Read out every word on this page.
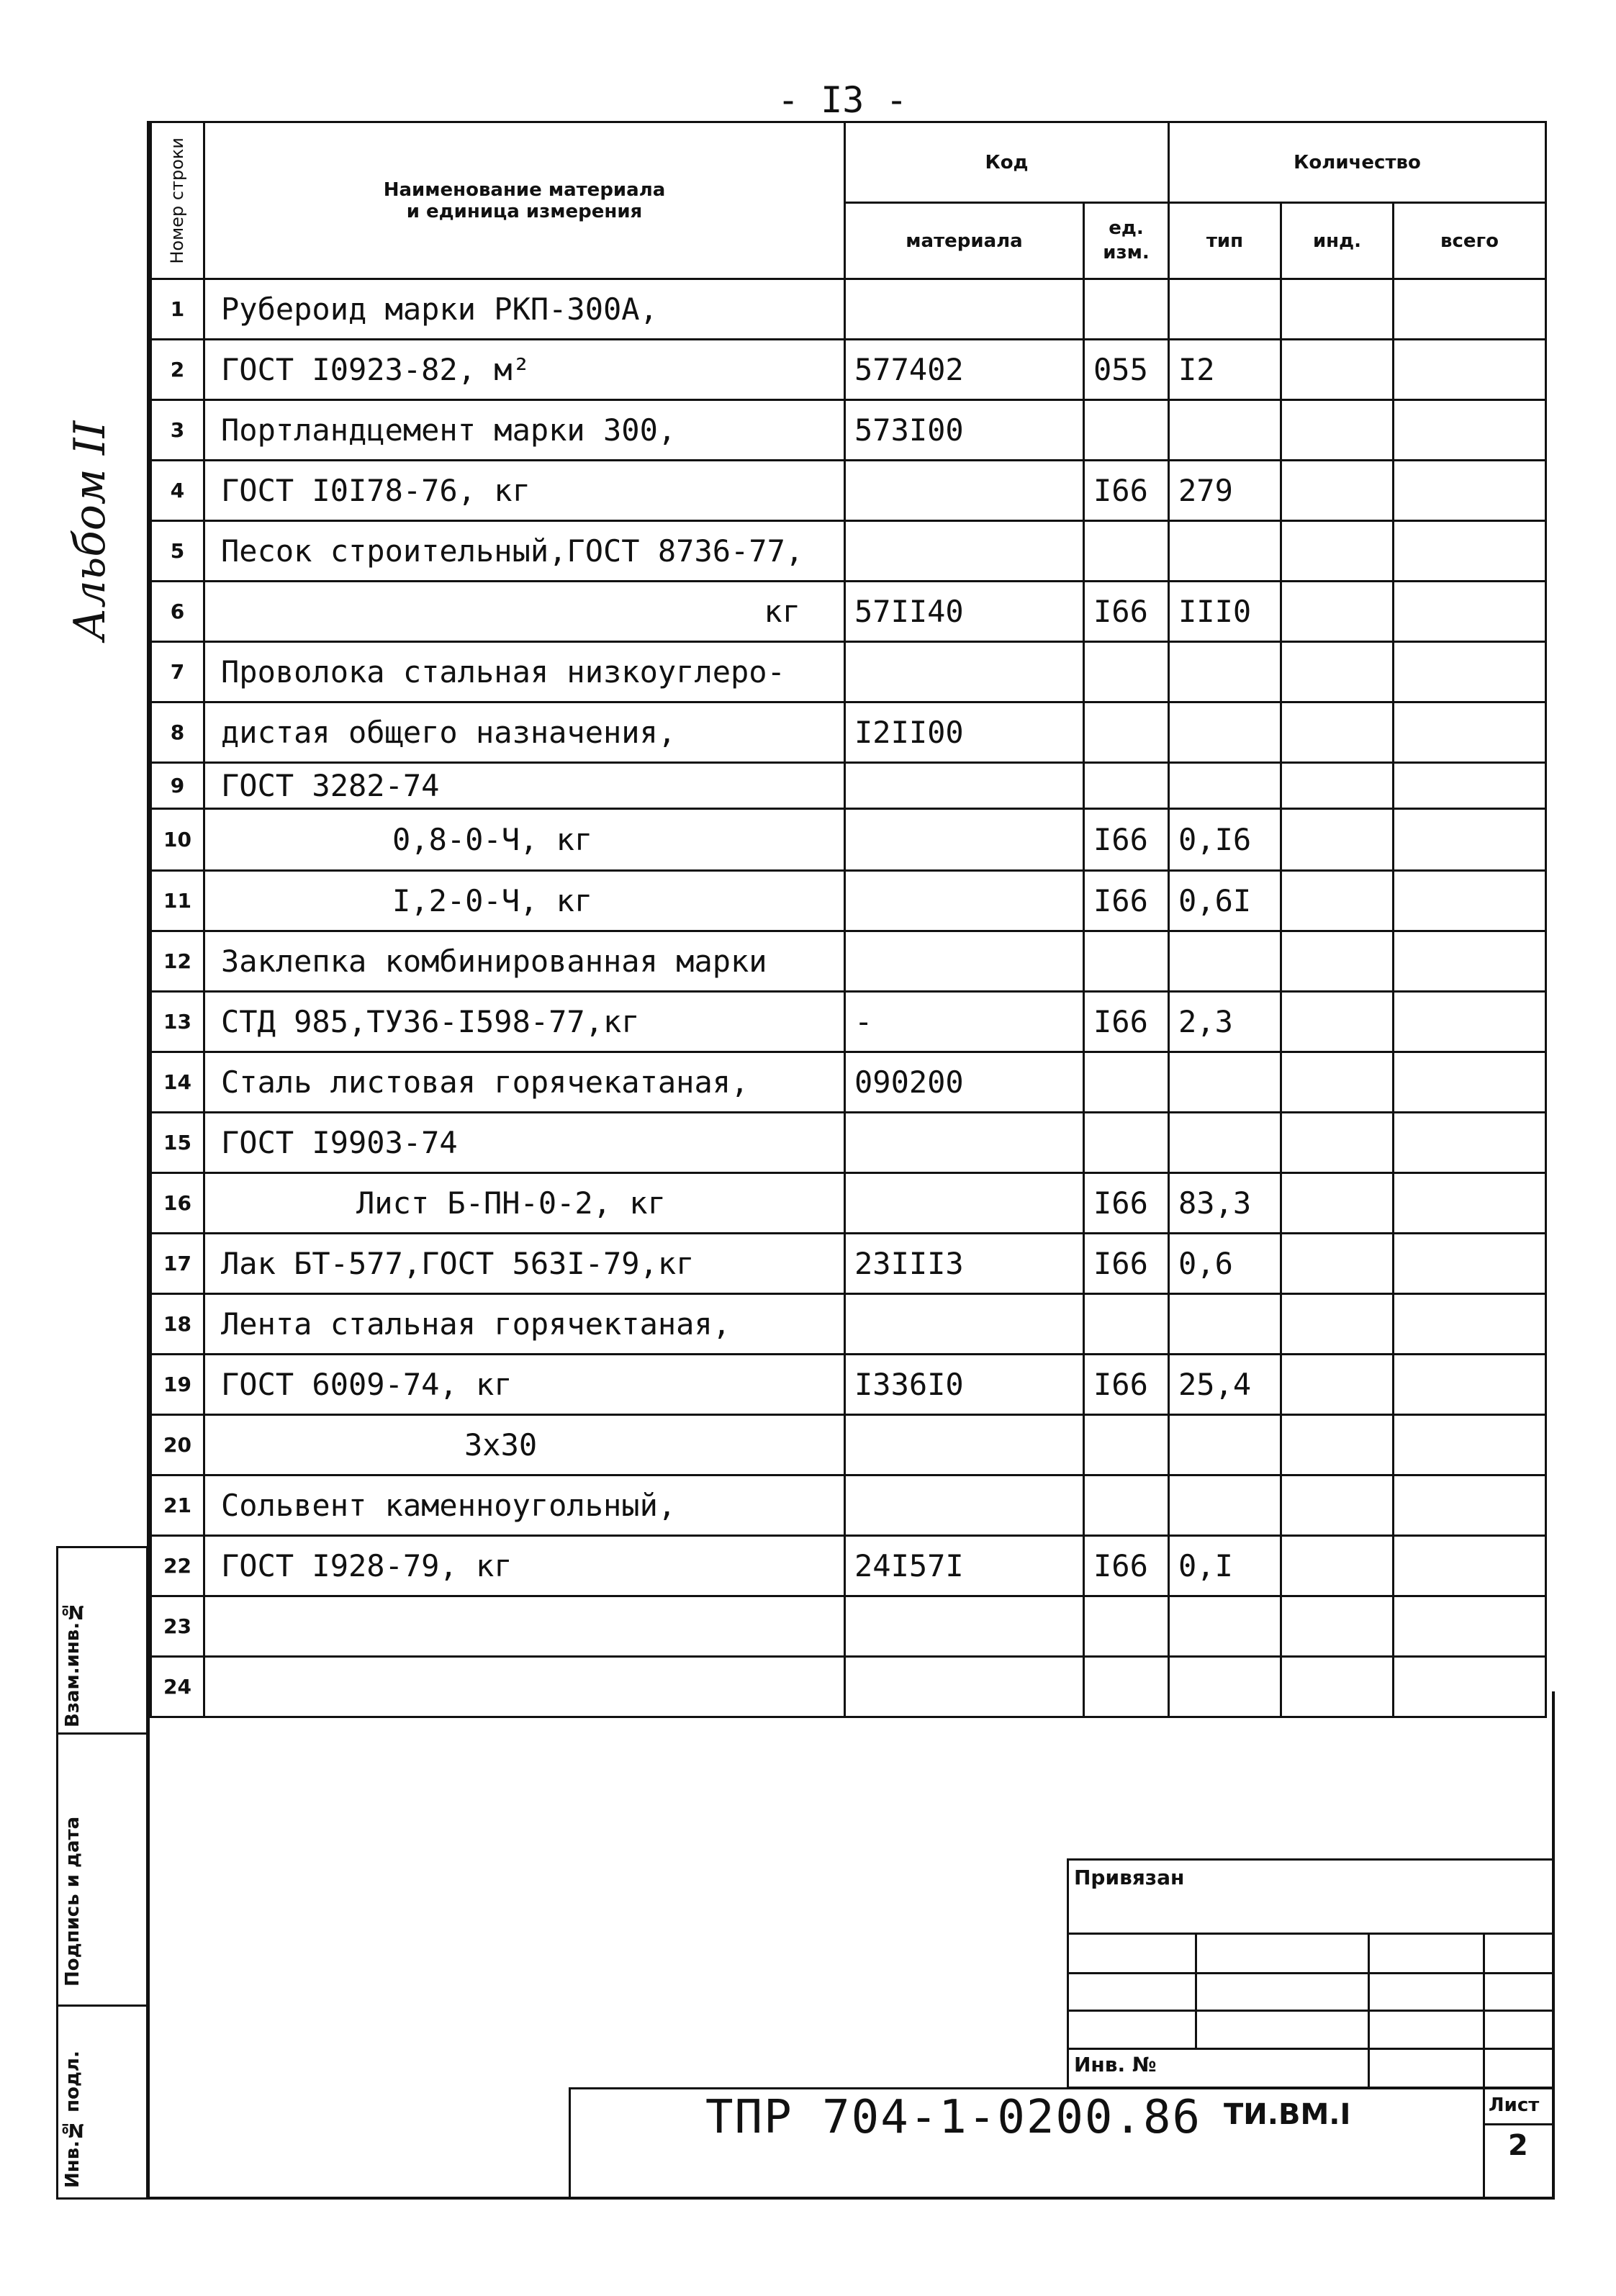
- I3 -
Альбом II
Номер строки	Наименование материала
и единица измерения	Код		Количество		
		материала	ед. изм.	тип	инд.	всего
1	Рубероид марки РКП-300А,					
2	ГОСТ I0923-82, м²	577402	055	I2		
3	Портландцемент марки 300,	573I00				
4	ГОСТ I0I78-76, кг		I66	279		
5	Песок строительный,ГОСТ 8736-77,					
6	кг	57II40	I66	III0		
7	Проволока стальная низкоуглеро-					
8	дистая общего назначения,	I2II00				
9	ГОСТ 3282-74					
10	0,8-0-Ч, кг		I66	0,I6		
11	I,2-0-Ч, кг		I66	0,6I		
12	Заклепка комбинированная марки					
13	СТД 985,ТУ36-I598-77,кг	-	I66	2,3		
14	Сталь листовая горячекатаная,	090200				
15	ГОСТ I9903-74					
16	Лист Б-ПН-0-2, кг		I66	83,3		
17	Лак БТ-577,ГОСТ 563I-79,кг	23III3	I66	0,6		
18	Лента стальная горячектаная,					
19	ГОСТ 6009-74, кг	I336I0	I66	25,4		
20	3х30					
21	Сольвент каменноугольный,					
22	ГОСТ I928-79, кг	24I57I	I66	0,I		
23						
24						
Взам.инв.№
Подпись и дата
Инв.№ подл.
Привязан
Инв. №
ТПР 704-1-0200.86 ТИ.ВМ.I	Лист
2
